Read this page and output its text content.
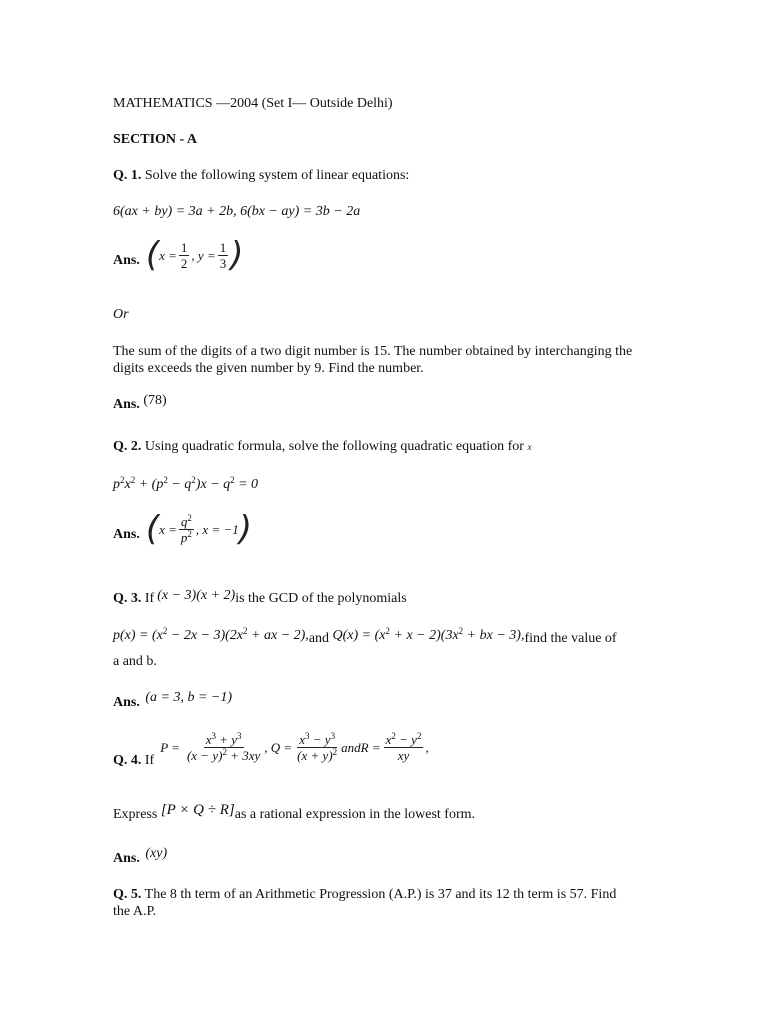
MATHEMATICS —2004 (Set I— Outside Delhi)
SECTION - A
Q. 1. Solve the following system of linear equations:
6(ax + by) = 3a + 2b, 6(bx − ay) = 3b − 2a
Ans. ( $x = \frac{1}{2}$ , $y = \frac{1}{3}$ )
Or
The sum of the digits of a two digit number is 15. The number obtained by interchanging the digits exceeds the given number by 9. Find the number.
Ans. (78)
Q. 2. Using quadratic formula, solve the following quadratic equation for x
$p^2x^2 + (p^2 - q^2)x - q^2 = 0$
Ans. ( $x = \frac{q^2}{p^2}$ , x = −1 )
Q. 3. If (x − 3)(x + 2)is the GCD of the polynomials
$p(x) = (x^2 - 2x - 3)(2x^2$ + ax − 2),and $Q(x) = (x^2 + x - 2)(3x^2$ + bx − 3),find the value of
a and b.
Ans. (a = 3, b = −1)
Q. 4. If
$P = \frac{x^3 + y^3}{(x - y)^2 + 3xy}$ , $Q = \frac{x^3 - y^3}{(x + y)^2}$ andR = $\frac{x^2 - y^2}{xy}$ ,
Express [P × Q ÷ R]as a rational expression in the lowest form.
Ans. (xy)
Q. 5. The 8 th term of an Arithmetic Progression (A.P.) is 37 and its 12 th term is 57. Find the A.P.
